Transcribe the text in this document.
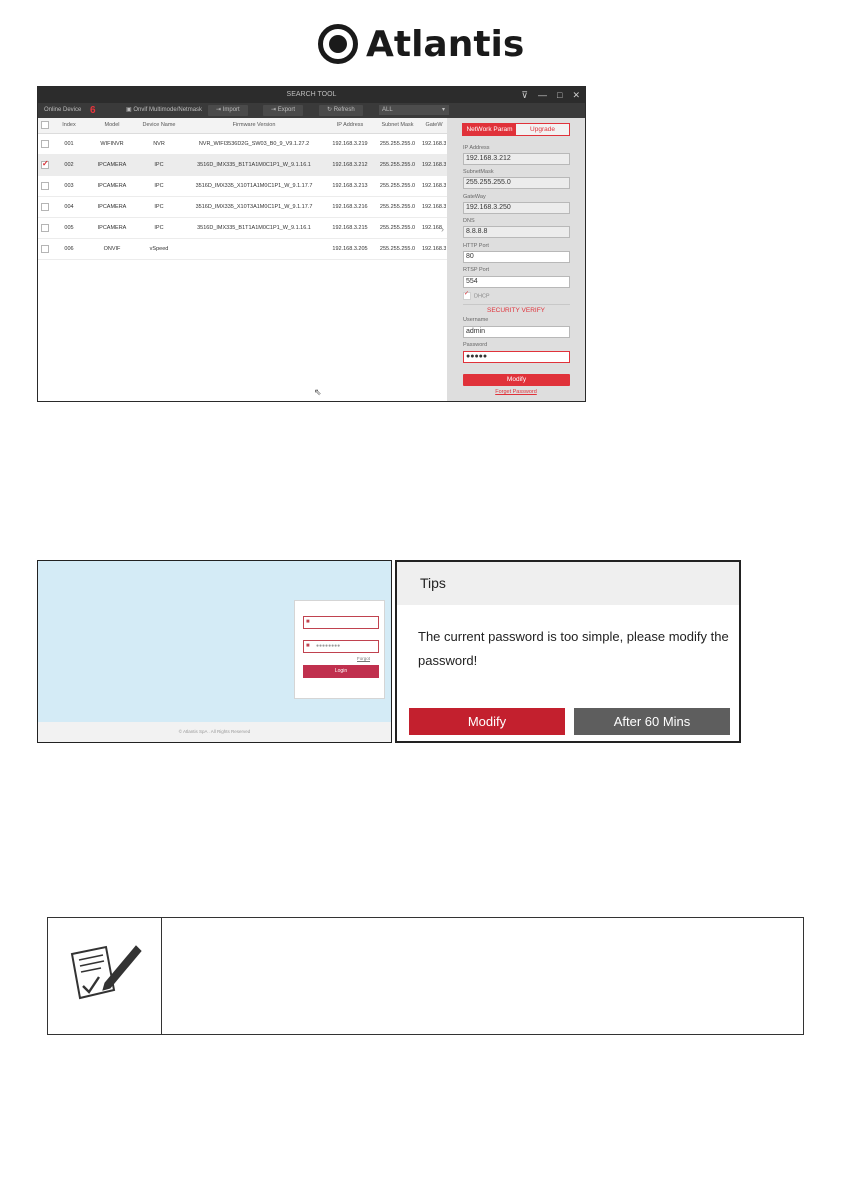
Atlantis
SEARCH TOOL	⊽ — □ ✕
Online Device 6	▣ Onvif Multimode/Netmask	⇥ Import	⇥ Export	↻ Refresh	ALL	▾
Index	Model	Device Name	Firmware Version	IP Address	Subnet Mask	GateW
001	WIFINVR	NVR	NVR_WIFI3536D2G_SW03_B0_9_V9.1.27.2	192.168.3.219	255.255.255.0	192.168.3
✓
002	IPCAMERA	IPC	3516D_IMX335_B1T1A1M0C1P1_W_9.1.16.1	192.168.3.212	255.255.255.0	192.168.3
003	IPCAMERA	IPC	3516D_IMX335_X10T1A1M0C1P1_W_9.1.17.7	192.168.3.213	255.255.255.0	192.168.3
004	IPCAMERA	IPC	3516D_IMX335_X10T3A1M0C1P1_W_9.1.17.7	192.168.3.216	255.255.255.0	192.168.3
005	IPCAMERA	IPC	3516D_IMX335_B1T1A1M0C1P1_W_9.1.16.1	192.168.3.215	255.255.255.0	192.168
006	ONVIF	vSpeed	192.168.3.205	255.255.255.0	192.168.3
›
⇖
NetWork Param	Upgrade
IP Address
192.168.3.212
SubnetMask
255.255.255.0
GateWay
192.168.3.250
DNS
8.8.8.8
HTTP Port
80
RTSP Port
554
✓DHCP
SECURITY VERIFY
Username
admin
Password
●●●●●
Modify
Forget Password
■
■	●●●●●●●●
Forgot
Login
© Atlantis SpA . All Rights Reserved
Tips
The current password is too simple, please modify the password!
Modify	After 60 Mins
